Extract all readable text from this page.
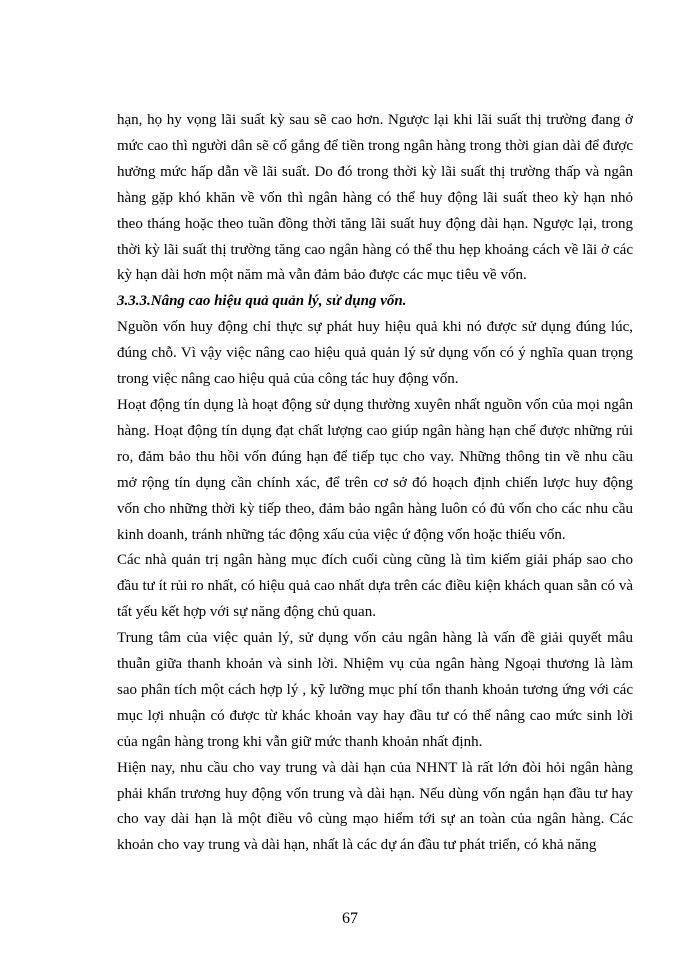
hạn, họ hy vọng lãi suất kỳ sau sẽ cao hơn. Ngược lại khi lãi suất thị trường đang ở mức cao thì người dân sẽ cố gắng để tiền trong ngân hàng trong thời gian dài để được hưởng mức hấp dẫn về lãi suất. Do đó trong thời kỳ lãi suất thị trường thấp và ngân hàng gặp khó khăn về vốn thì ngân hàng có thể huy động lãi suất theo kỳ hạn nhỏ theo tháng hoặc theo tuần đồng thời tăng lãi suất huy động dài hạn. Ngược lại, trong thời kỳ lãi suất thị trường tăng cao ngân hàng có thể thu hẹp khoảng cách về lãi ở các kỳ hạn dài hơn một năm mà vẫn đảm bảo được các mục tiêu về vốn.

3.3.3.Nâng cao hiệu quả quản lý, sử dụng vốn.

Nguồn vốn huy động chỉ thực sự phát huy hiệu quả khi nó được sử dụng đúng lúc, đúng chỗ. Vì vậy việc nâng cao hiệu quả quản lý sử dụng vốn có ý nghĩa quan trọng trong việc nâng cao hiệu quả của công tác huy động vốn.

Hoạt động tín dụng là hoạt động sử dụng thường xuyên nhất nguồn vốn của mọi ngân hàng. Hoạt động tín dụng đạt chất lượng cao giúp ngân hàng hạn chế được những rủi ro, đảm bảo thu hồi vốn đúng hạn để tiếp tục cho vay. Những thông tin về nhu cầu mở rộng tín dụng cần chính xác, để trên cơ sở đó hoạch định chiến lược huy động vốn cho những thời kỳ tiếp theo, đảm bảo ngân hàng luôn có đủ vốn cho các nhu cầu kinh doanh, tránh những tác động xấu của việc ứ động vốn hoặc thiếu vốn.

Các nhà quản trị ngân hàng mục đích cuối cùng cũng là tìm kiếm giải pháp sao cho đầu tư ít rủi ro nhất, có hiệu quả cao nhất dựa trên các điều kiện khách quan sẵn có và tất yếu kết hợp với sự năng động chủ quan.

Trung tâm của việc quản lý, sử dụng vốn cảu ngân hàng là vấn đề giải quyết mâu thuẫn giữa thanh khoản và sinh lời. Nhiệm vụ của ngân hàng Ngoại thương là làm sao phân tích một cách hợp lý , kỹ lưỡng mục phí tổn thanh khoản tương ứng với các mục lợi nhuận có được từ khác khoản vay hay đầu tư có thể nâng cao mức sinh lời của ngân hàng trong khi vẫn giữ mức thanh khoản nhất định.

Hiện nay, nhu cầu cho vay trung và dài hạn của NHNT là rất lớn đòi hỏi ngân hàng phải khẩn trương huy động vốn trung và dài hạn. Nếu dùng vốn ngắn hạn đầu tư hay cho vay dài hạn là một điều vô cùng mạo hiểm tới sự an toàn của ngân hàng. Các khoản cho vay trung và dài hạn, nhất là các dự án đầu tư phát triển, có khả năng

67
